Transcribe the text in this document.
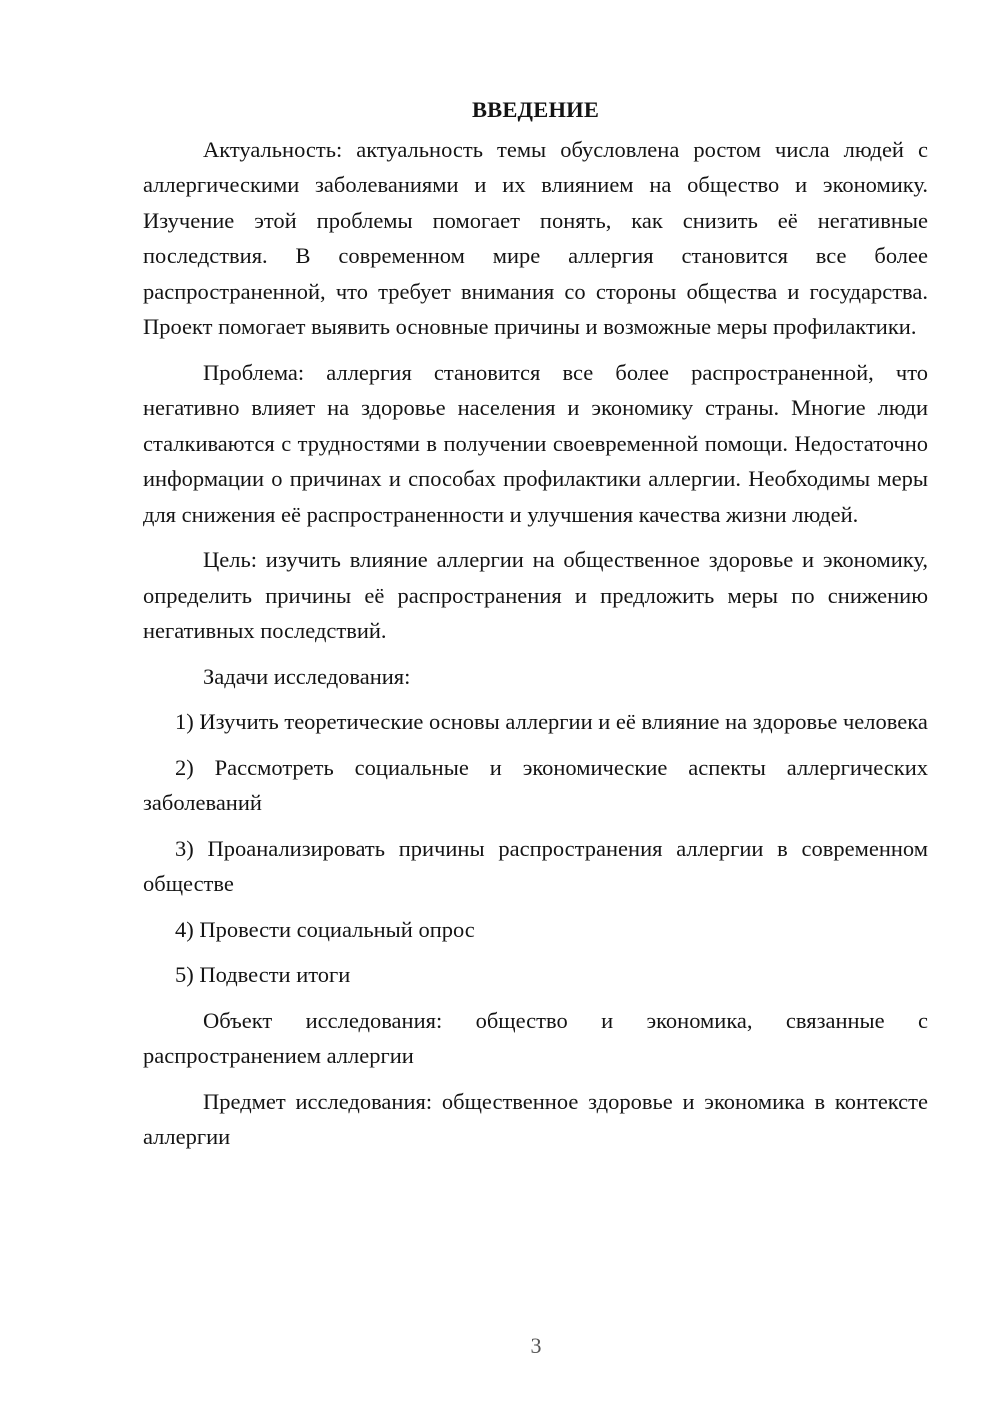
ВВЕДЕНИЕ

Актуальность: актуальность темы обусловлена ростом числа людей с аллергическими заболеваниями и их влиянием на общество и экономику. Изучение этой проблемы помогает понять, как снизить её негативные последствия. В современном мире аллергия становится все более распространенной, что требует внимания со стороны общества и государства. Проект помогает выявить основные причины и возможные меры профилактики.

Проблема: аллергия становится все более распространенной, что негативно влияет на здоровье населения и экономику страны. Многие люди сталкиваются с трудностями в получении своевременной помощи. Недостаточно информации о причинах и способах профилактики аллергии. Необходимы меры для снижения её распространенности и улучшения качества жизни людей.

Цель: изучить влияние аллергии на общественное здоровье и экономику, определить причины её распространения и предложить меры по снижению негативных последствий.

Задачи исследования:

1) Изучить теоретические основы аллергии и её влияние на здоровье человека

2) Рассмотреть социальные и экономические аспекты аллергических заболеваний

3) Проанализировать причины распространения аллергии в современном обществе

4) Провести социальный опрос

5) Подвести итоги

Объект исследования: общество и экономика, связанные с распространением аллергии

Предмет исследования: общественное здоровье и экономика в контексте аллергии

3
